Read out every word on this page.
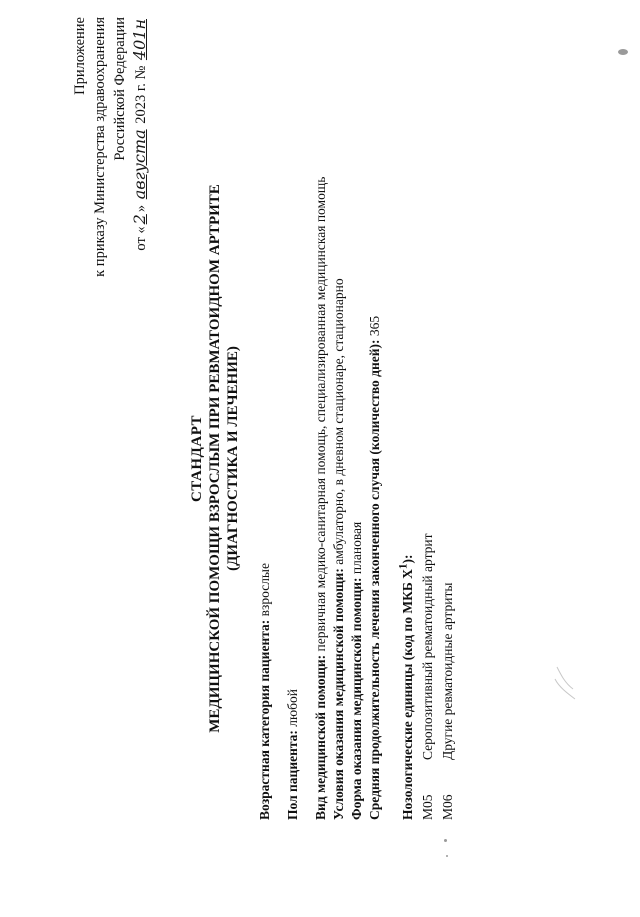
Приложение к приказу Министерства здравоохранения Российской Федерации
от «2» августа 2023 г. № 401н
СТАНДАРТ МЕДИЦИНСКОЙ ПОМОЩИ ВЗРОСЛЫМ ПРИ РЕВМАТОИДНОМ АРТРИТЕ (ДИАГНОСТИКА И ЛЕЧЕНИЕ)
Возрастная категория пациента: взрослые
Пол пациента: любой Вид медицинской помощи: первичная медико-санитарная помощь, специализированная медицинская помощь
Условия оказания медицинской помощи: амбулаторно, в дневном стационаре, стационарно
Форма оказания медицинской помощи: плановая Средняя продолжительность лечения законченного случая (количество дней): 365
Нозологические единицы (код по МКБ $X^1$):
M05
Серопозитивный ревматоидный артрит
M06
Другие ревматоидные артриты
